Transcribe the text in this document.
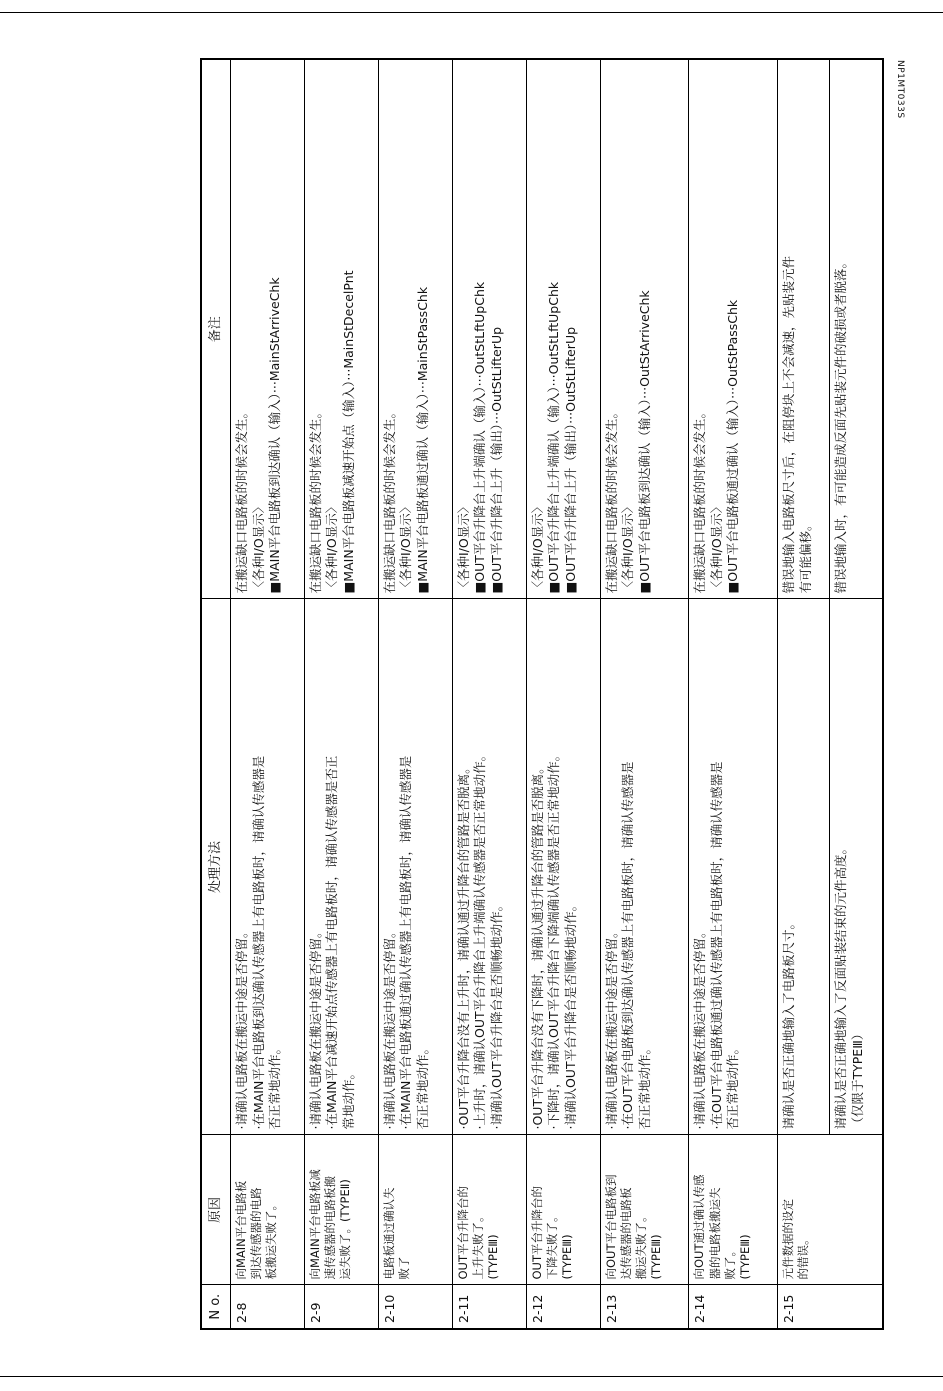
NP1MT033S
N o.	原因	处理方法	备注
2-8	向MAIN平台电路板 到达传感器的电路 板搬运失败了。	·请确认电路板在搬运中途是否停留。 ·在MAIN平台电路板到达确认传感器上有电路板时，请确认传感器是 否正常地动作。	在搬运缺口电路板的时候会发生。 〈各种I/O显示〉 ■MAIN平台电路板到达确认（输入）···MainStArriveChk

2-9	向MAIN平台电路板减 速传感器的电路板搬 运失败了。(TYPEⅡ)	·请确认电路板在搬运中途是否停留。 ·在MAIN平台减速开始点传感器上有电路板时，请确认传感器是否正 常地动作。	在搬运缺口电路板的时候会发生。 〈各种I/O显示〉 ■MAIN平台电路板减速开始点（输入）···MainStDecelPnt

2-10	电路板通过确认失 败了	·请确认电路板在搬运中途是否停留。 ·在MAIN平台电路板通过确认传感器上有电路板时，请确认传感器是 否正常地动作。	在搬运缺口电路板的时候会发生。 〈各种I/O显示〉 ■MAIN平台电路板通过确认（输入）···MainStPassChk

2-11	OUT平台升降台的 上升失败了。 (TYPEⅢ)	·OUT平台升降台没有上升时，请确认通过升降台的管路是否脱离。 ·上升时，请确认OUT平台升降台上升端确认传感器是否正常地动作。 ·请确认OUT平台升降台是否顺畅地动作。	〈各种I/O显示〉 ■OUT平台升降台上升端确认（输入）···OutStLftUpChk ■OUT平台升降台上升（输出）···OutStLifterUp

2-12	OUT平台升降台的 下降失败了。 (TYPEⅢ)	·OUT平台升降台没有下降时，请确认通过升降台的管路是否脱离。 ·下降时，请确认OUT平台升降台下降端确认传感器是否正常地动作。 ·请确认OUT平台升降台是否顺畅地动作。	〈各种I/O显示〉 ■OUT平台升降台上升端确认（输入）···OutStLftUpChk ■OUT平台升降台上升（输出）···OutStLifterUp

2-13	向OUT平台电路板到 达传感器的电路板 搬运失败了。 (TYPEⅢ)	·请确认电路板在搬运中途是否停留。 ·在OUT平台电路板到达确认传感器上有电路板时，请确认传感器是 否正常地动作。	在搬运缺口电路板的时候会发生。 〈各种I/O显示〉 ■OUT平台电路板到达确认（输入）···OutStArriveChk

2-14	向OUT通过确认传感 器的电路板搬运失 败了。 (TYPEⅢ)	·请确认电路板在搬运中途是否停留。 ·在OUT平台电路板通过确认传感器上有电路板时，请确认传感器是 否正常地动作。	在搬运缺口电路板的时候会发生。 〈各种I/O显示〉 ■OUT平台电路板通过确认（输入）···OutStPassChk

2-15	元件数据的设定 的错误。	请确认是否正确地输入了电路板尺寸。	错误地输入电路板尺寸后，在阻停块上不会减速，先贴装元件 有可能偏移。

		请确认是否正确地输入了反面贴装结束的元件高度。 （仅限于TYPEⅢ）	错误地输入时，有可能造成反面先贴装元件的破损或者脱落。
